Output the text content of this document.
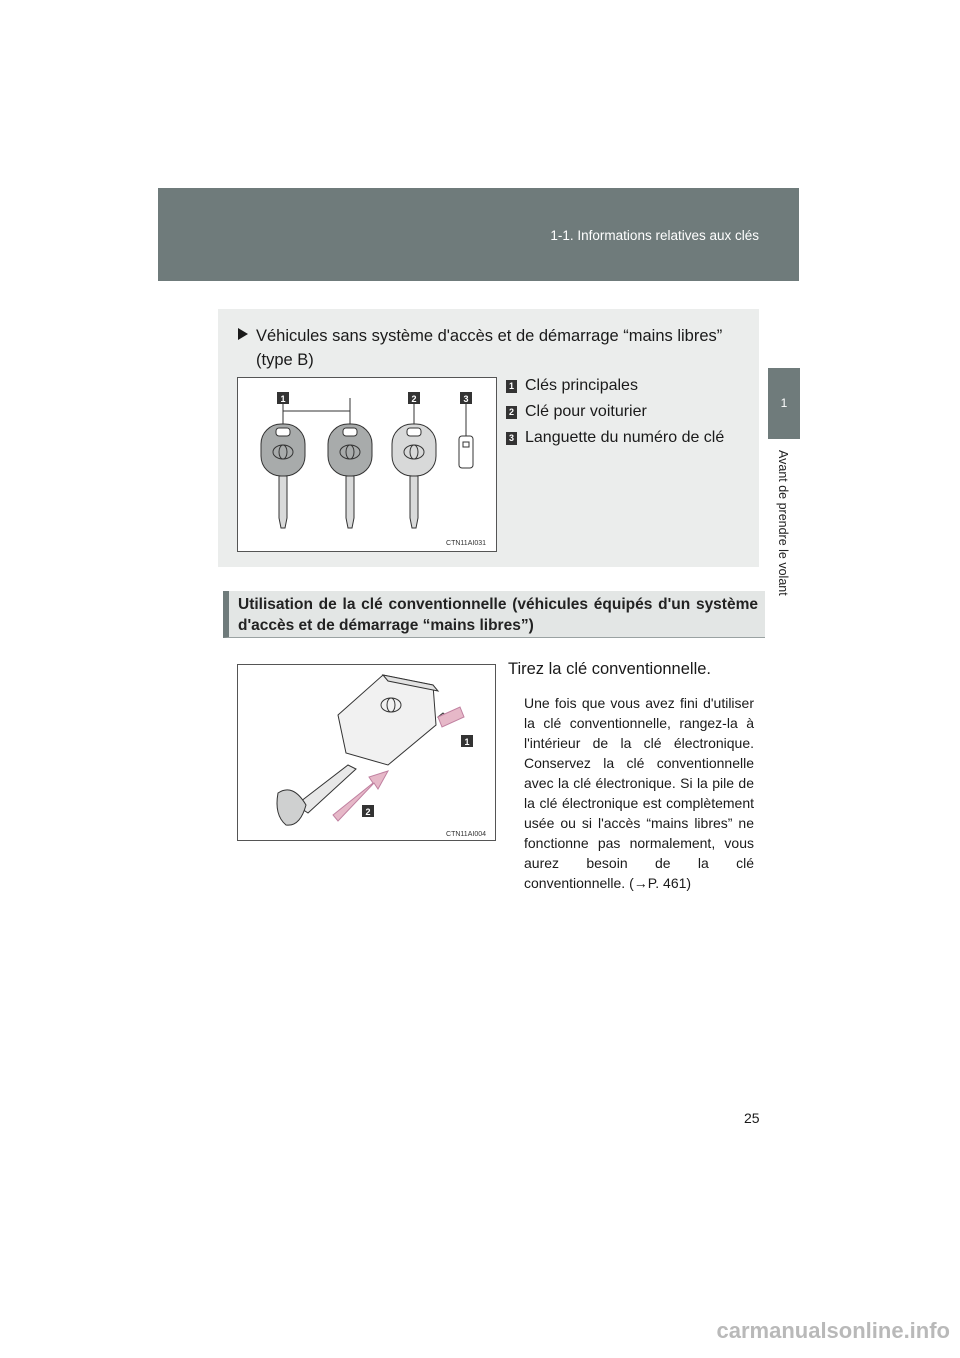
1-1. Informations relatives aux clés
1
Avant de prendre le volant
Véhicules sans système d'accès et de démarrage “mains libres”
(type B)
1	2	3
CTN11AI031
1 Clés principales
2 Clé pour voiturier
3 Languette du numéro de clé
Utilisation de la clé conventionnelle (véhicules équipés d'un système d'accès et de démarrage “mains libres”)
1
2
CTN11AI004
Tirez la clé conventionnelle.
Une fois que vous avez fini d'utiliser la clé conventionnelle, rangez-la à l'intérieur de la clé électronique. Conservez la clé conventionnelle avec la clé électronique. Si la pile de la clé électronique est complètement usée ou si l'accès “mains libres” ne fonctionne pas normalement, vous aurez besoin de la clé conventionnelle. (→P. 461)
25
carmanualsonline.info
